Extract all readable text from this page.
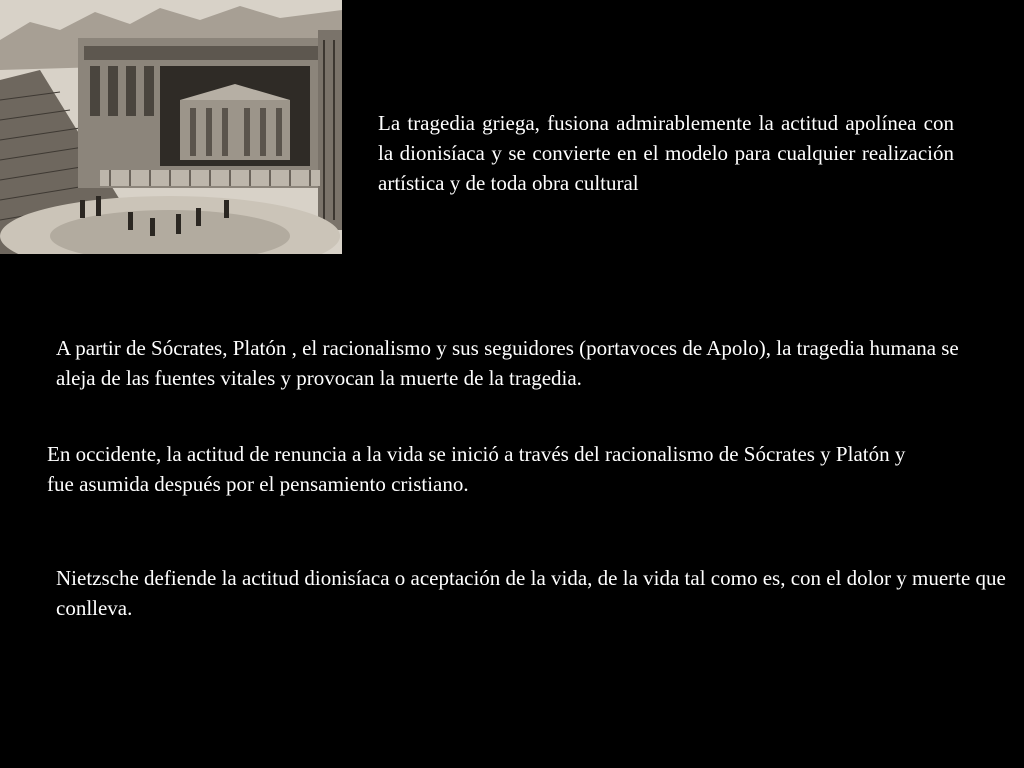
La tragedia griega, fusiona admirablemente la actitud apolínea con la dionisíaca y se convierte en el modelo para cualquier realización artística y de toda obra cultural
A partir de Sócrates, Platón , el racionalismo y sus seguidores (portavoces de Apolo), la tragedia humana se aleja de las fuentes vitales y provocan la muerte de la tragedia.
En occidente, la actitud de renuncia a la vida se inició a través del racionalismo de Sócrates y Platón y fue asumida después por el pensamiento cristiano.
Nietzsche defiende la actitud dionisíaca o aceptación de la vida, de la vida tal como es, con el dolor y muerte que conlleva.
